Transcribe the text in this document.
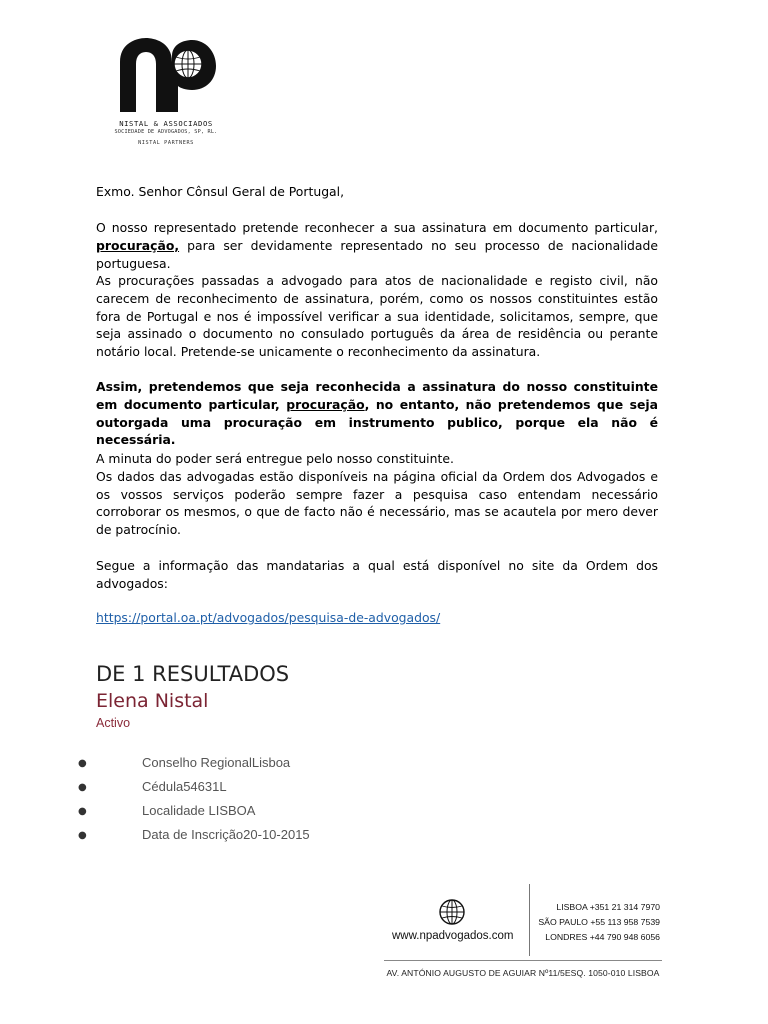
NISTAL & ASSOCIADOS
SOCIEDADE DE ADVOGADOS, SP, RL.
NISTAL PARTNERS
Exmo. Senhor Cônsul Geral de Portugal,
O nosso representado pretende reconhecer a sua assinatura em documento particular, procuração, para ser devidamente representado no seu processo de nacionalidade portuguesa.
As procurações passadas a advogado para atos de nacionalidade e registo civil, não carecem de reconhecimento de assinatura, porém, como os nossos constituintes estão fora de Portugal e nos é impossível verificar a sua identidade, solicitamos, sempre, que seja assinado o documento no consulado português da área de residência ou perante notário local. Pretende-se unicamente o reconhecimento da assinatura.
Assim, pretendemos que seja reconhecida a assinatura do nosso constituinte em documento particular, procuração, no entanto, não pretendemos que seja outorgada uma procuração em instrumento publico, porque ela não é necessária.
A minuta do poder será entregue pelo nosso constituinte.
Os dados das advogadas estão disponíveis na página oficial da Ordem dos Advogados e os vossos serviços poderão sempre fazer a pesquisa caso entendam necessário corroborar os mesmos, o que de facto não é necessário, mas se acautela por mero dever de patrocínio.
Segue a informação das mandatarias a qual está disponível no site da Ordem dos advogados:
https://portal.oa.pt/advogados/pesquisa-de-advogados/
DE 1 RESULTADOS
Elena Nistal
Activo
●	Conselho RegionalLisboa
●	Cédula54631L
●	Localidade LISBOA
●	Data de Inscrição20-10-2015
www.npadvogados.com
LISBOA +351 21 314 7970
SÃO PAULO +55 113 958 7539
LONDRES +44 790 948 6056
AV. ANTÓNIO AUGUSTO DE AGUIAR Nº11/5ESQ. 1050-010 LISBOA
